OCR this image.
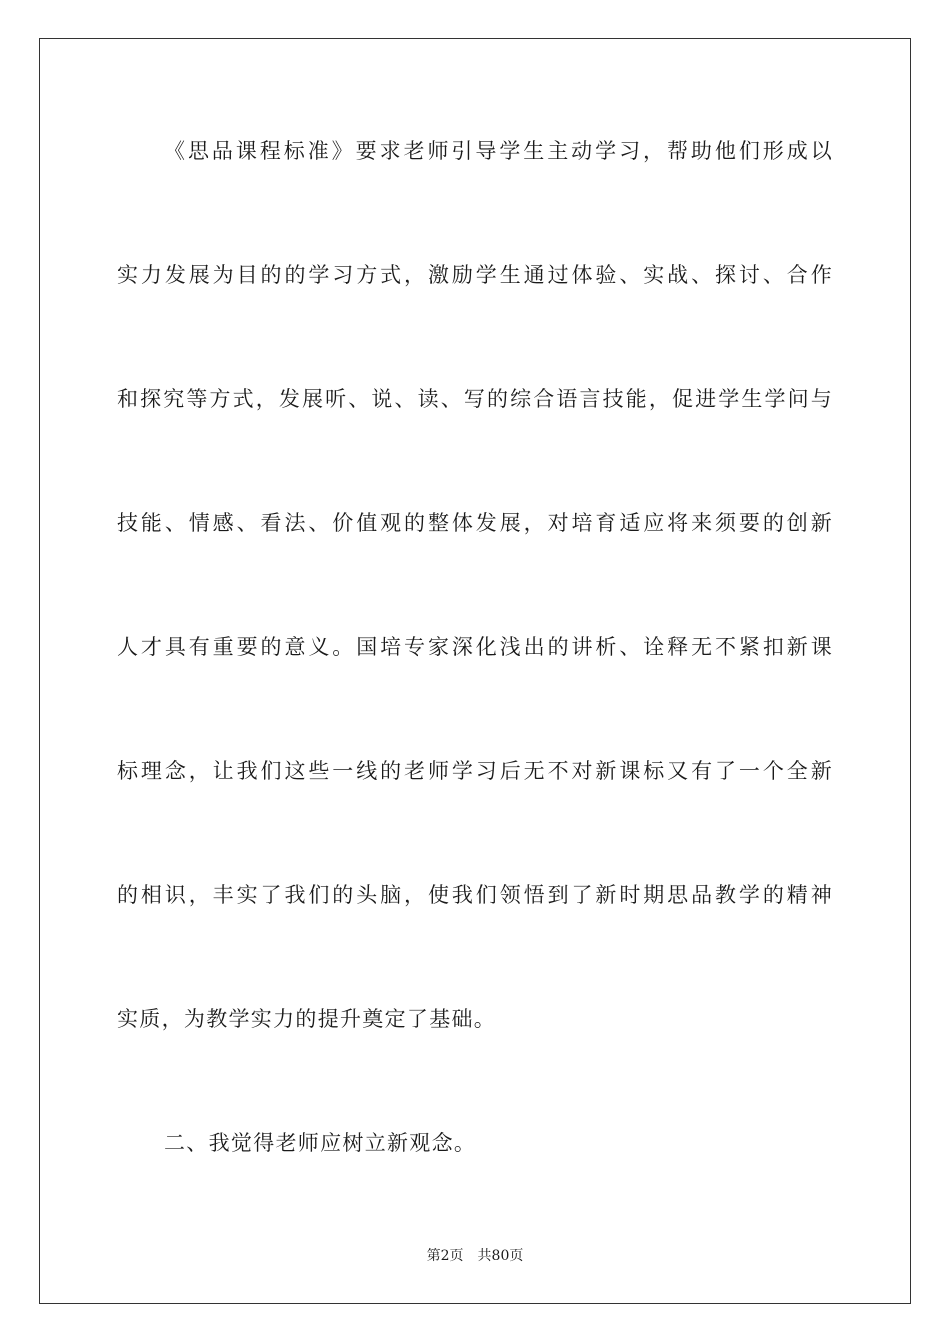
《思品课程标准》要求老师引导学生主动学习，帮助他们形成以
实力发展为目的的学习方式，激励学生通过体验、实战、探讨、合作
和探究等方式，发展听、说、读、写的综合语言技能，促进学生学问与
技能、情感、看法、价值观的整体发展，对培育适应将来须要的创新
人才具有重要的意义。国培专家深化浅出的讲析、诠释无不紧扣新课
标理念，让我们这些一线的老师学习后无不对新课标又有了一个全新
的相识，丰实了我们的头脑，使我们领悟到了新时期思品教学的精神
实质，为教学实力的提升奠定了基础。
二、我觉得老师应树立新观念。
第2页 共80页
